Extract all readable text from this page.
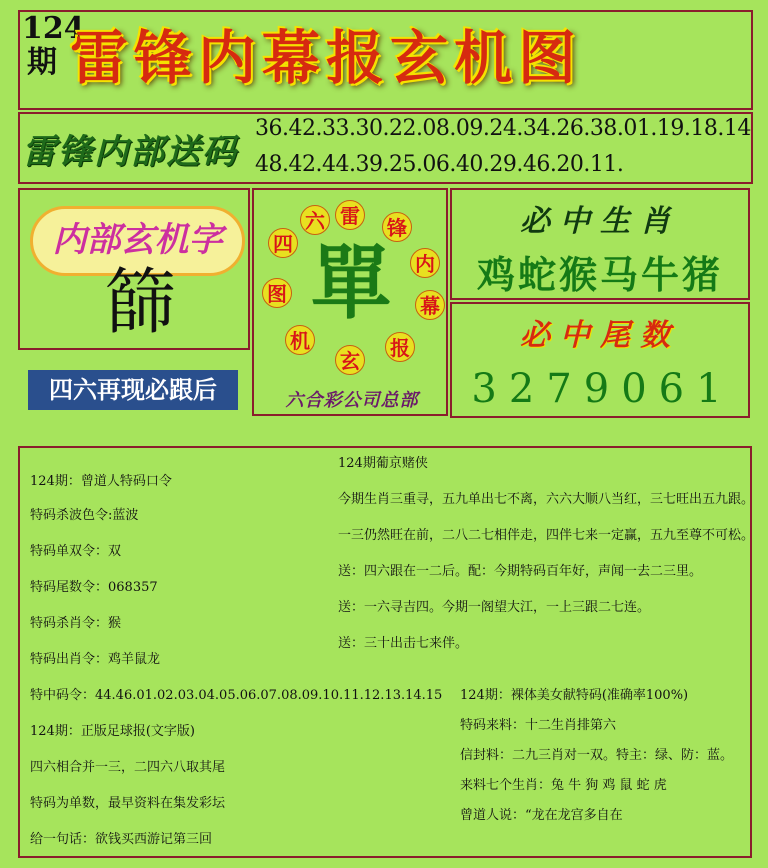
124期 雷锋内幕报玄机图
雷锋内部送码
36.42.33.30.22.08.09.24.34.26.38.01.19.18.14
48.42.44.39.25.06.40.29.46.20.11.
内部玄机字
篩
四六再现必跟后
雷 锋
内
幕
报
玄
机
图
四
六
單
六合彩公司总部
必中生肖
鸡蛇猴马牛猪
必中尾数
3279061
124期：曾道人特码口令
特码杀波色令:蓝波
特码单双令：双
特码尾数令：068357
特码杀肖令：猴
特码出肖令：鸡羊鼠龙
特中码令：44.46.01.02.03.04.05.06.07.08.09.10.11.12.13.14.15
124期：正版足球报(文字版)
四六相合并一三，二四六八取其尾
特码为单数，最早资料在集发彩坛
给一句话：欲钱买西游记第三回
124期葡京赌侠
今期生肖三重寻，五九单出七不离，六六大顺八当红，三七旺出五九跟。
一三仍然旺在前，二八二七相伴走，四伴七来一定赢，五九至尊不可松。
送：四六跟在一二后。配：今期特码百年好，声闻一去二三里。
送：一六寻吉四。今期一阁望大江，一上三跟二七连。
送：三十出击七来伴。
124期：裸体美女献特码(准确率100%)
特码来料：十二生肖排第六
信封料：二九三肖对一双。特主：绿、防：蓝。
来料七个生肖：兔 牛 狗 鸡 鼠 蛇 虎
曾道人说：“龙在龙宫多自在
